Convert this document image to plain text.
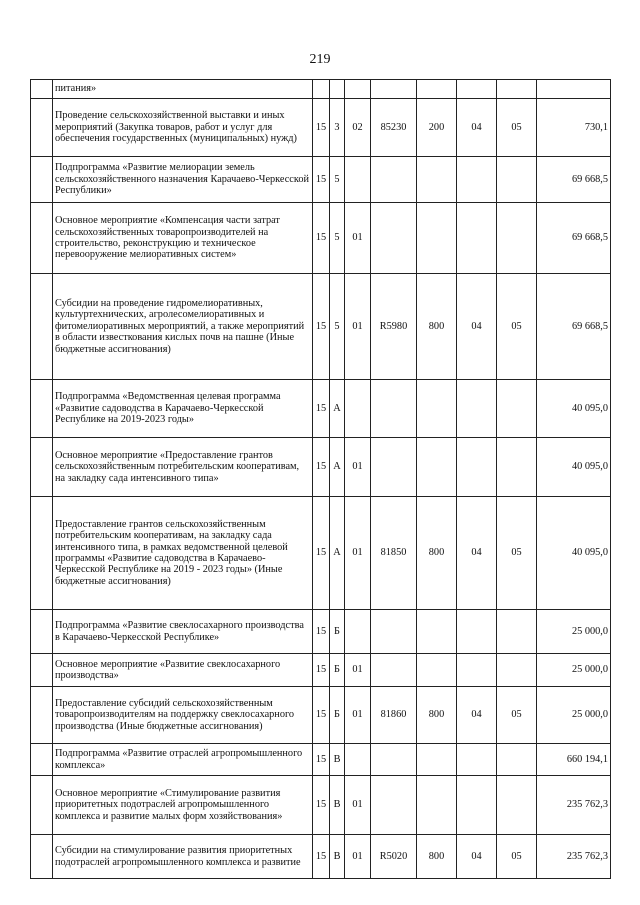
219
	питания»								
	Проведение сельскохозяйственной выставки и иных мероприятий (Закупка товаров, работ и услуг для обеспечения государственных (муниципальных) нужд)	15	3	02	85230	200	04	05	730,1
	Подпрограмма «Развитие мелиорации земель сельскохозяйственного назначения Карачаево-Черкесской Республики»	15	5						69 668,5
	Основное мероприятие «Компенсация части затрат сельскохозяйственных товаропроизводителей на строительство, реконструкцию и техническое перевооружение мелиоративных систем»	15	5	01					69 668,5
	Субсидии на проведение гидромелиоративных, культуртехнических, агролесомелиоративных и фитомелиоративных мероприятий, а также мероприятий в области известкования кислых почв на пашне (Иные бюджетные ассигнования)	15	5	01	R5980	800	04	05	69 668,5
	Подпрограмма «Ведомственная целевая программа «Развитие садоводства в Карачаево-Черкесской Республике на 2019-2023 годы»	15	А						40 095,0
	Основное мероприятие «Предоставление грантов сельскохозяйственным потребительским кооперативам, на закладку сада интенсивного типа»	15	А	01					40 095,0
	Предоставление грантов сельскохозяйственным потребительским кооперативам, на закладку сада интенсивного типа, в рамках ведомственной целевой программы «Развитие садоводства в Карачаево-Черкесской Республике на 2019 - 2023 годы» (Иные бюджетные ассигнования)	15	А	01	81850	800	04	05	40 095,0
	Подпрограмма «Развитие свеклосахарного производства в Карачаево-Черкесской Республике»	15	Б						25 000,0
	Основное мероприятие «Развитие свеклосахарного производства»	15	Б	01					25 000,0
	Предоставление субсидий сельскохозяйственным товаропроизводителям на поддержку свеклосахарного производства (Иные бюджетные ассигнования)	15	Б	01	81860	800	04	05	25 000,0
	Подпрограмма «Развитие отраслей агропромышленного комплекса»	15	В						660 194,1
	Основное мероприятие «Стимулирование развития приоритетных подотраслей агропромышленного комплекса и развитие малых форм хозяйствования»	15	В	01					235 762,3
	Субсидии на стимулирование развития приоритетных подотраслей агропромышленного комплекса и развитие	15	В	01	R5020	800	04	05	235 762,3
